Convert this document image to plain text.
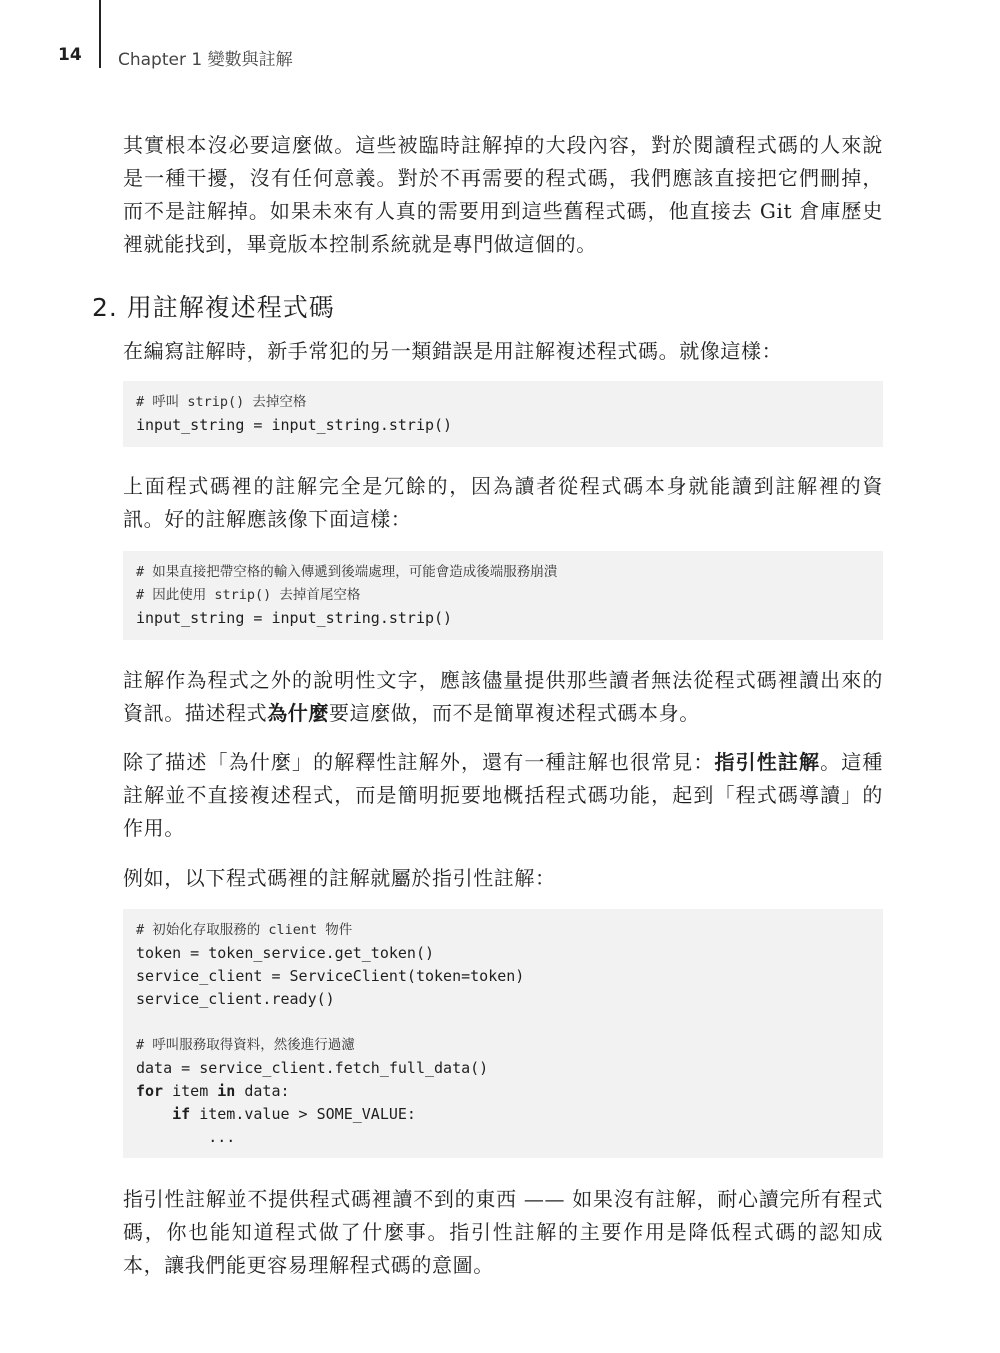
14 Chapter 1 變數與註解

其實根本沒必要這麼做。這些被臨時註解掉的大段內容，對於閱讀程式碼的人來說是一種干擾，沒有任何意義。對於不再需要的程式碼，我們應該直接把它們刪掉，而不是註解掉。如果未來有人真的需要用到這些舊程式碼，他直接去 Git 倉庫歷史裡就能找到，畢竟版本控制系統就是專門做這個的。

2. 用註解複述程式碼

在編寫註解時，新手常犯的另一類錯誤是用註解複述程式碼。就像這樣：

# 呼叫 strip() 去掉空格
input_string = input_string.strip()

上面程式碼裡的註解完全是冗餘的，因為讀者從程式碼本身就能讀到註解裡的資訊。好的註解應該像下面這樣：

# 如果直接把帶空格的輸入傳遞到後端處理，可能會造成後端服務崩潰
# 因此使用 strip() 去掉首尾空格
input_string = input_string.strip()

註解作為程式之外的說明性文字，應該儘量提供那些讀者無法從程式碼裡讀出來的資訊。描述程式為什麼要這麼做，而不是簡單複述程式碼本身。

除了描述「為什麼」的解釋性註解外，還有一種註解也很常見：指引性註解。這種註解並不直接複述程式，而是簡明扼要地概括程式碼功能，起到「程式碼導讀」的作用。

例如，以下程式碼裡的註解就屬於指引性註解：

# 初始化存取服務的 client 物件
token = token_service.get_token()
service_client = ServiceClient(token=token)
service_client.ready()
# 呼叫服務取得資料，然後進行過濾
data = service_client.fetch_full_data()
for item in data:
if item.value > SOME_VALUE:
...

指引性註解並不提供程式碼裡讀不到的東西 —— 如果沒有註解，耐心讀完所有程式碼，你也能知道程式做了什麼事。指引性註解的主要作用是降低程式碼的認知成本，讓我們能更容易理解程式碼的意圖。
